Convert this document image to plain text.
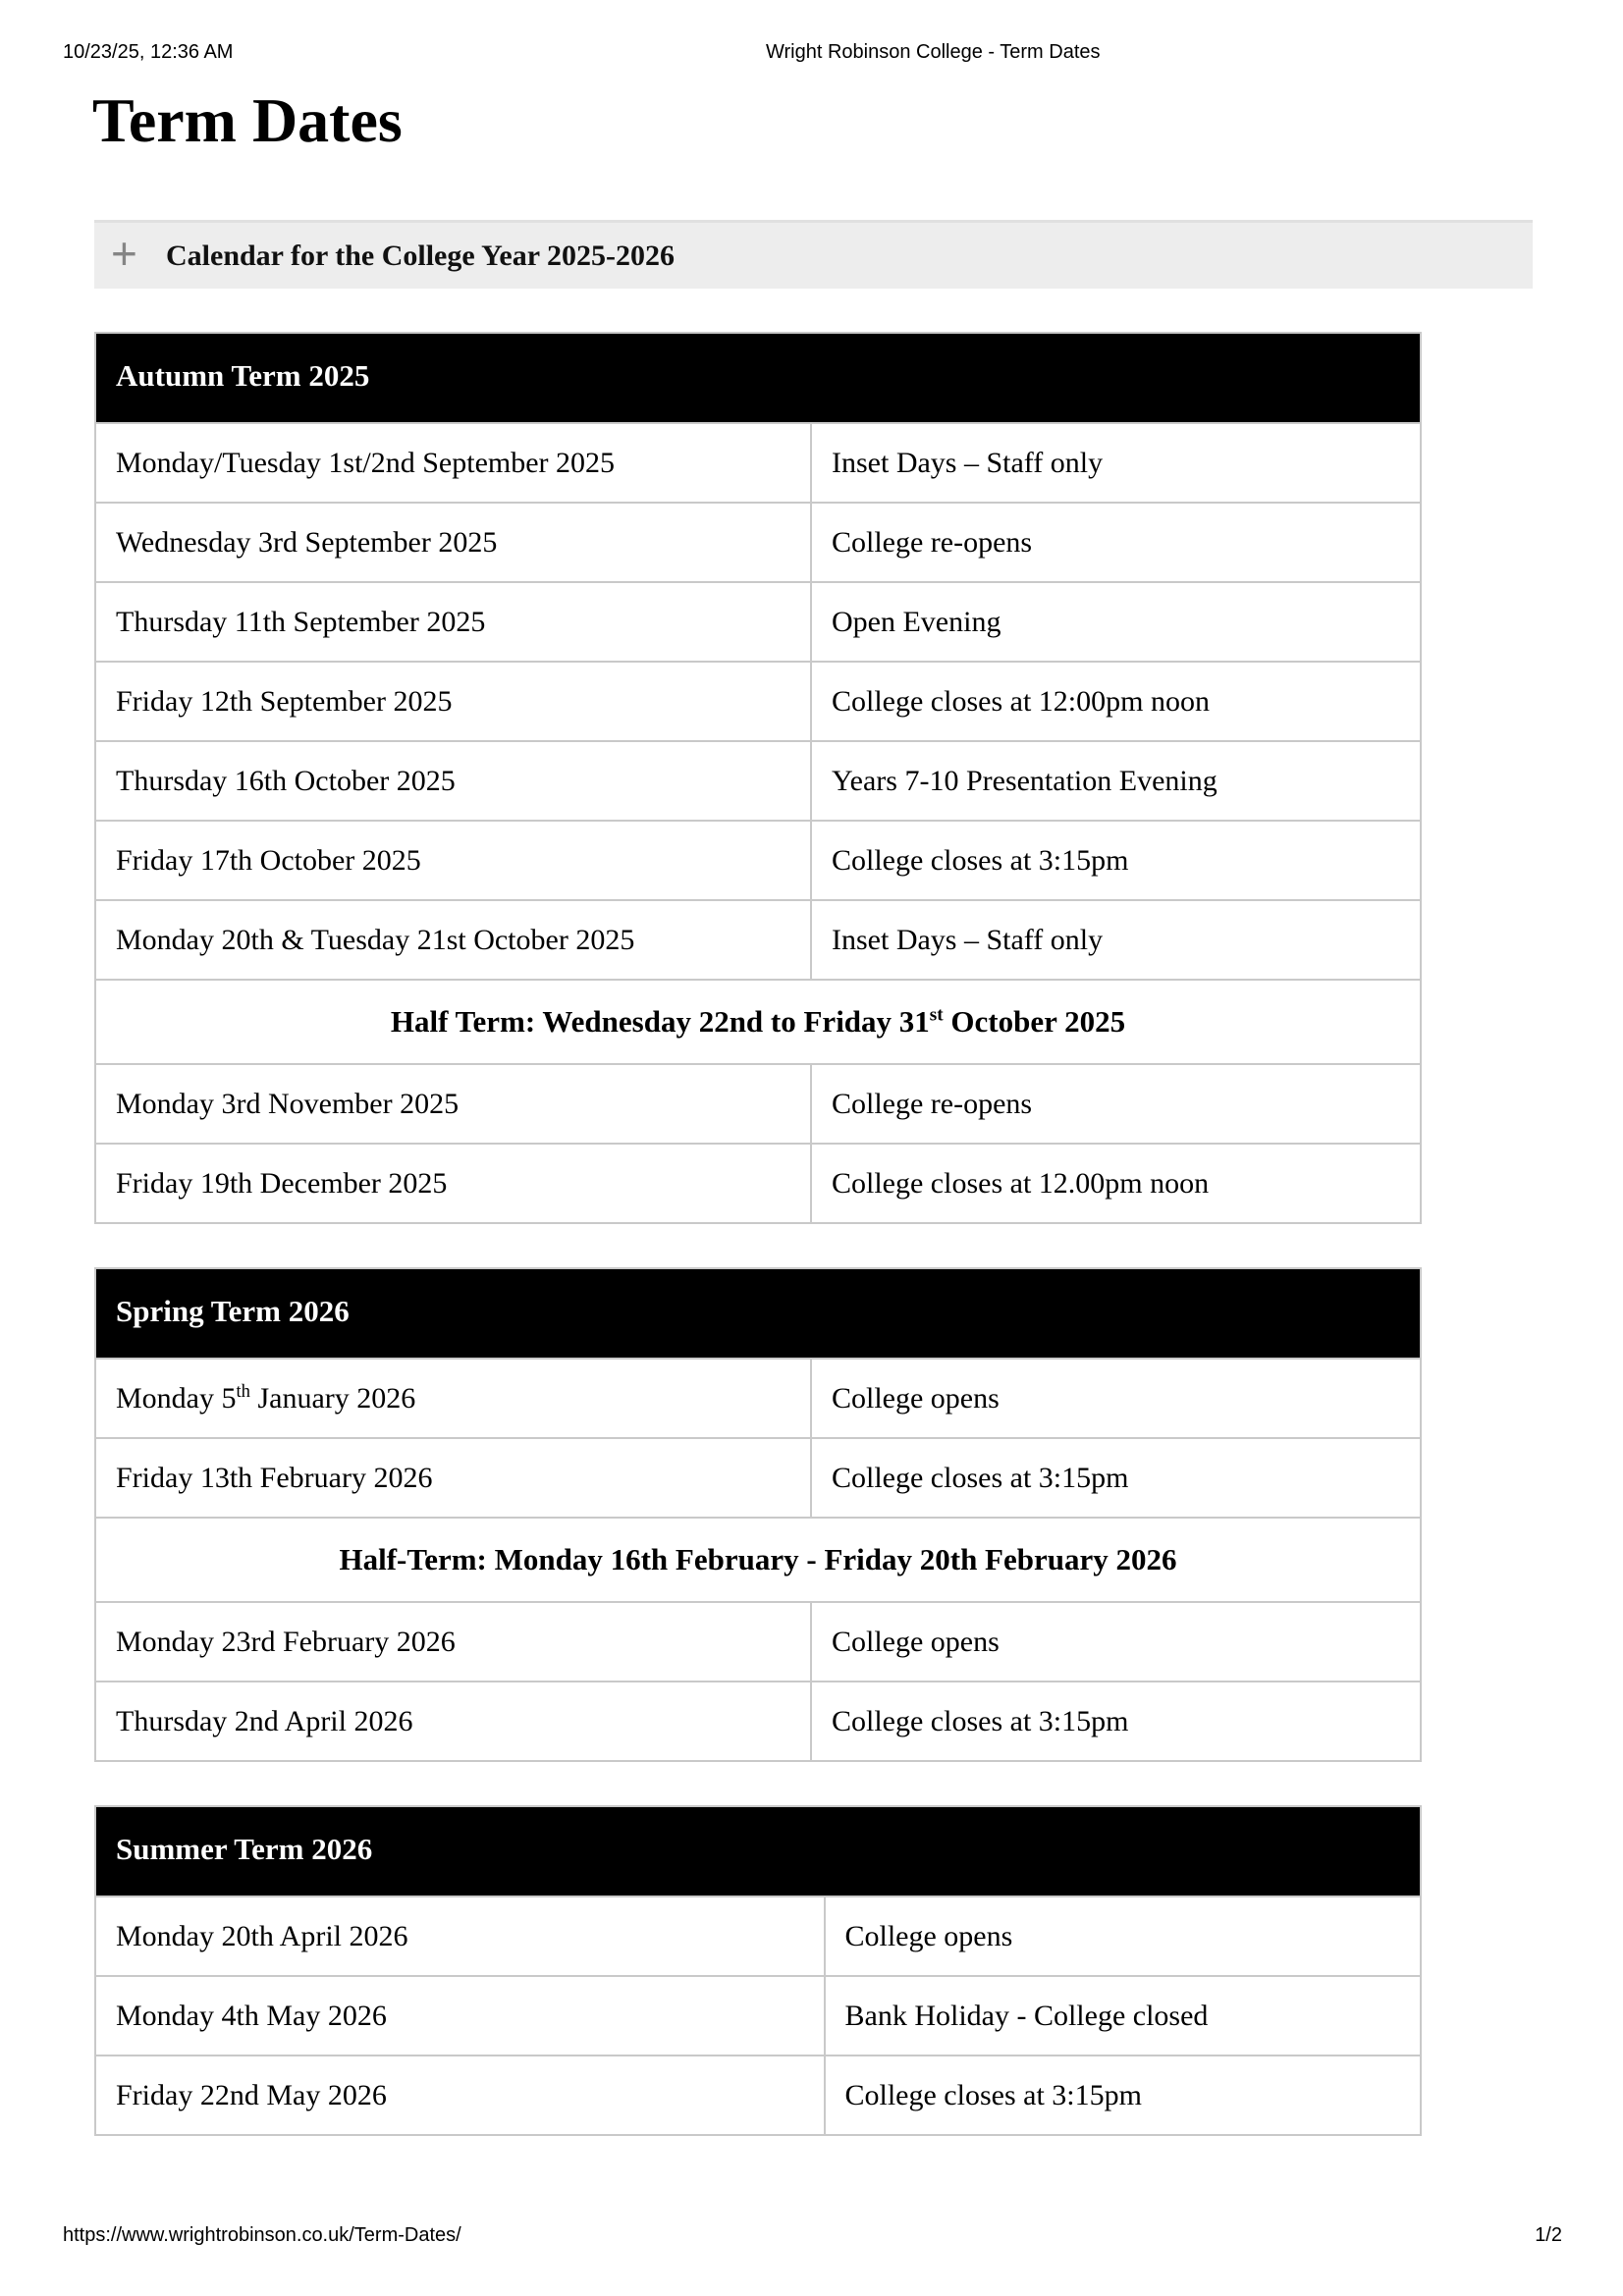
10/23/25, 12:36 AM	Wright Robinson College - Term Dates
Term Dates
+ Calendar for the College Year 2025-2026
Autumn Term 2025	
Monday/Tuesday 1st/2nd September 2025	Inset Days – Staff only
Wednesday 3rd September 2025	College re-opens
Thursday 11th September 2025	Open Evening
Friday 12th September 2025	College closes at 12:00pm noon
Thursday 16th October 2025	Years 7-10 Presentation Evening
Friday 17th October 2025	College closes at 3:15pm
Monday 20th & Tuesday 21st October 2025	Inset Days – Staff only
Half Term: Wednesday 22nd to Friday 31st October 2025	
Monday 3rd November 2025	College re-opens
Friday 19th December 2025	College closes at 12.00pm noon
Spring Term 2026	
Monday 5th January 2026	College opens
Friday 13th February 2026	College closes at 3:15pm
Half-Term: Monday 16th February - Friday 20th February 2026	
Monday 23rd February 2026	College opens
Thursday 2nd April 2026	College closes at 3:15pm
Summer Term 2026	
Monday 20th April 2026	College opens
Monday 4th May 2026	Bank Holiday - College closed
Friday 22nd May 2026	College closes at 3:15pm
https://www.wrightrobinson.co.uk/Term-Dates/	1/2
